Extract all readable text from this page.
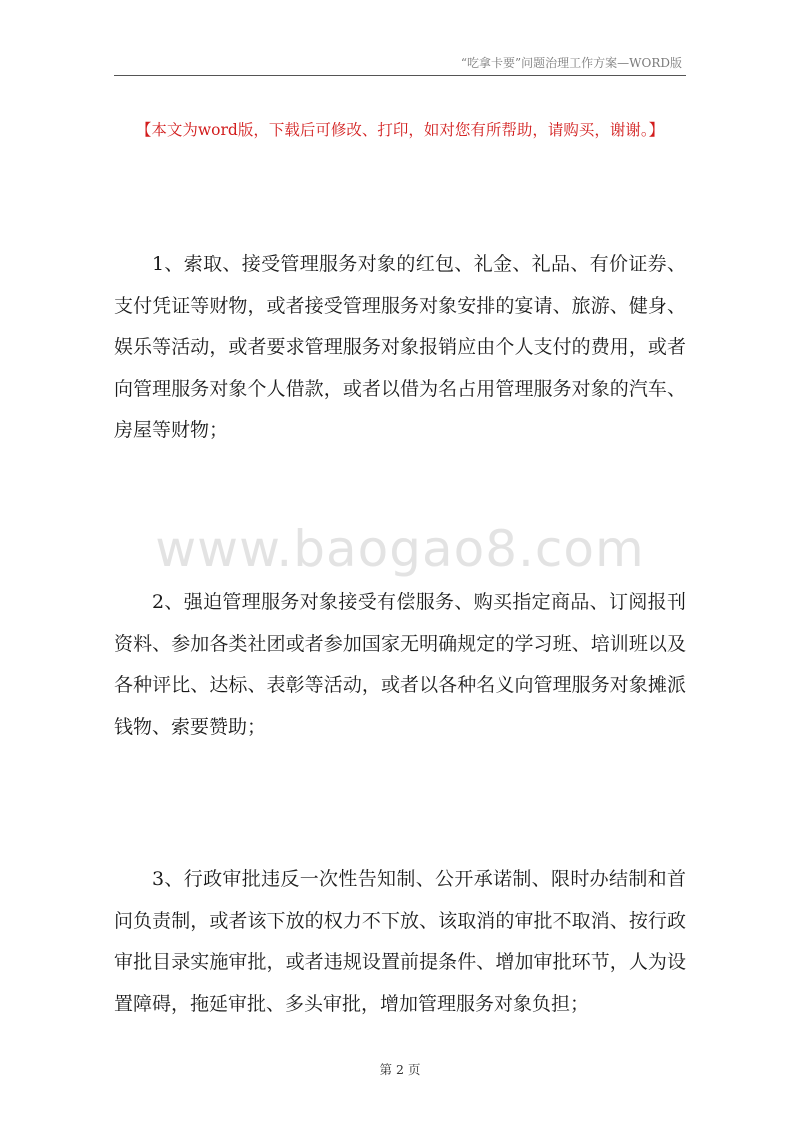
“吃拿卡要”问题治理工作方案—WORD版
【本文为word版，下载后可修改、打印，如对您有所帮助，请购买，谢谢。】

1、索取、接受管理服务对象的红包、礼金、礼品、有价证券、支付凭证等财物，或者接受管理服务对象安排的宴请、旅游、健身、娱乐等活动，或者要求管理服务对象报销应由个人支付的费用，或者向管理服务对象个人借款，或者以借为名占用管理服务对象的汽车、房屋等财物；

www.baogao8.com

2、强迫管理服务对象接受有偿服务、购买指定商品、订阅报刊资料、参加各类社团或者参加国家无明确规定的学习班、培训班以及各种评比、达标、表彰等活动，或者以各种名义向管理服务对象摊派钱物、索要赞助；

3、行政审批违反一次性告知制、公开承诺制、限时办结制和首问负责制，或者该下放的权力不下放、该取消的审批不取消、按行政审批目录实施审批，或者违规设置前提条件、增加审批环节，人为设置障碍，拖延审批、多头审批，增加管理服务对象负担；

第 2 页
